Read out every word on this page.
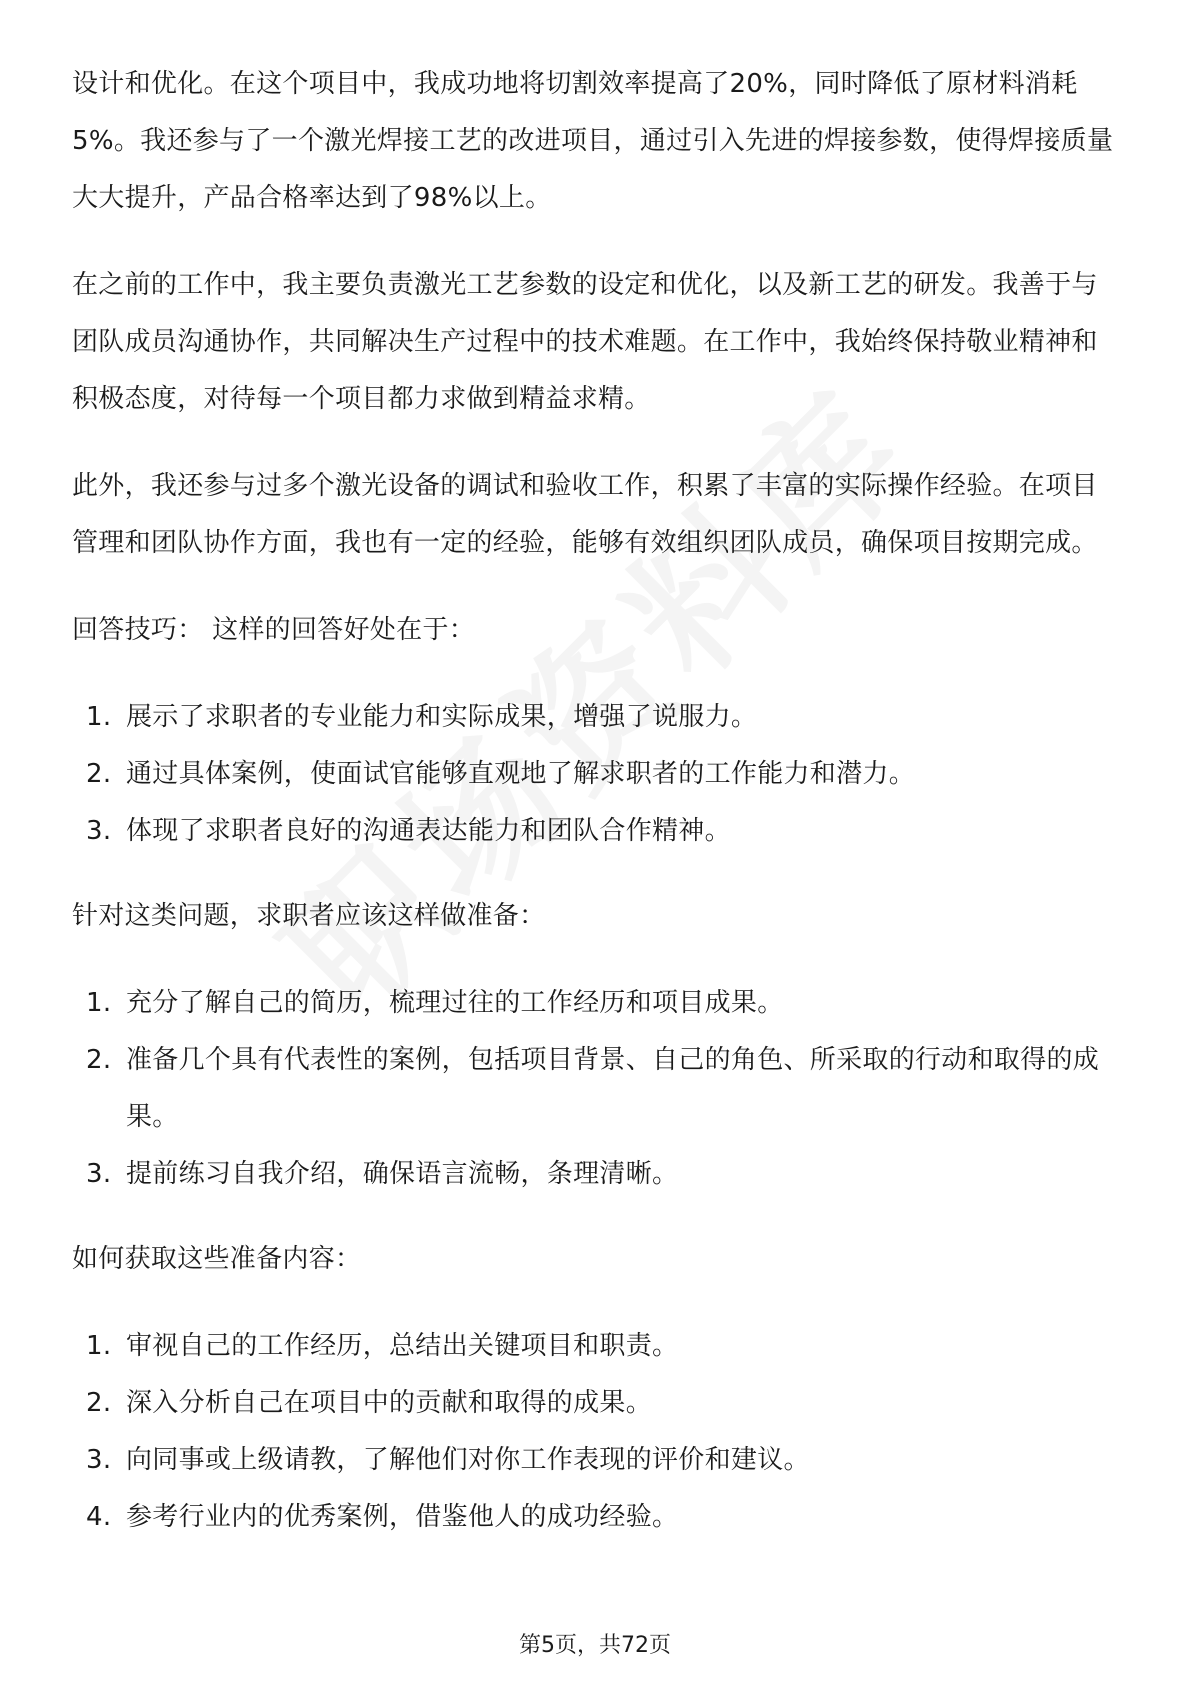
设计和优化。在这个项目中，我成功地将切割效率提高了20%，同时降低了原材料消耗5%。我还参与了一个激光焊接工艺的改进项目，通过引入先进的焊接参数，使得焊接质量大大提升，产品合格率达到了98%以上。

在之前的工作中，我主要负责激光工艺参数的设定和优化，以及新工艺的研发。我善于与团队成员沟通协作，共同解决生产过程中的技术难题。在工作中，我始终保持敬业精神和积极态度，对待每一个项目都力求做到精益求精。

此外，我还参与过多个激光设备的调试和验收工作，积累了丰富的实际操作经验。在项目管理和团队协作方面，我也有一定的经验，能够有效组织团队成员，确保项目按期完成。

回答技巧： 这样的回答好处在于：

1. 展示了求职者的专业能力和实际成果，增强了说服力。
2. 通过具体案例，使面试官能够直观地了解求职者的工作能力和潜力。
3. 体现了求职者良好的沟通表达能力和团队合作精神。

针对这类问题，求职者应该这样做准备：

1. 充分了解自己的简历，梳理过往的工作经历和项目成果。
2. 准备几个具有代表性的案例，包括项目背景、自己的角色、所采取的行动和取得的成果。
3. 提前练习自我介绍，确保语言流畅，条理清晰。

如何获取这些准备内容：

1. 审视自己的工作经历，总结出关键项目和职责。
2. 深入分析自己在项目中的贡献和取得的成果。
3. 向同事或上级请教，了解他们对你工作表现的评价和建议。
4. 参考行业内的优秀案例，借鉴他人的成功经验。
第5页，共72页
